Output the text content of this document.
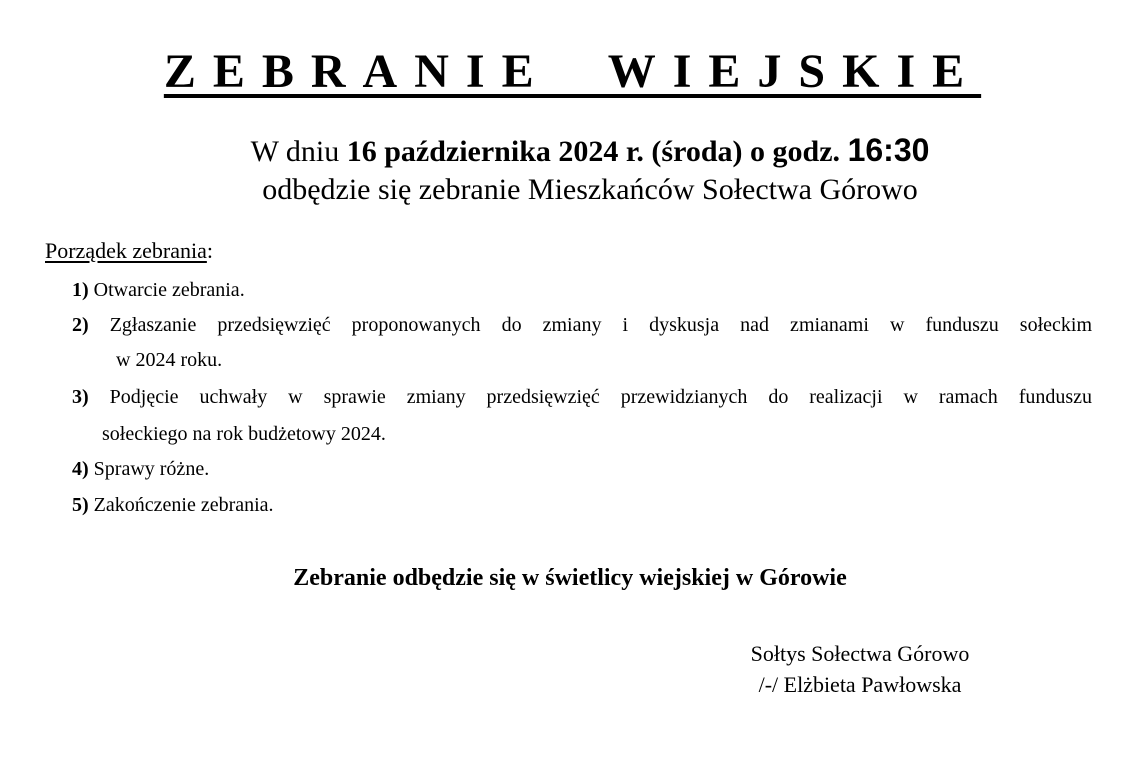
ZEBRANIE  WIEJSKIE
W dniu 16 października 2024 r. (środa) o godz. 16:30
odbędzie się zebranie Mieszkańców Sołectwa Górowo
Porządek zebrania:
1) Otwarcie zebrania.
2) Zgłaszanie przedsięwzięć proponowanych do zmiany i dyskusja nad zmianami w funduszu sołeckim
w 2024 roku.
3) Podjęcie uchwały w sprawie zmiany przedsięwzięć przewidzianych do realizacji w ramach funduszu
sołeckiego na rok budżetowy 2024.
4) Sprawy różne.
5) Zakończenie zebrania.
Zebranie odbędzie się w świetlicy wiejskiej w Górowie
Sołtys Sołectwa Górowo
/-/ Elżbieta Pawłowska
